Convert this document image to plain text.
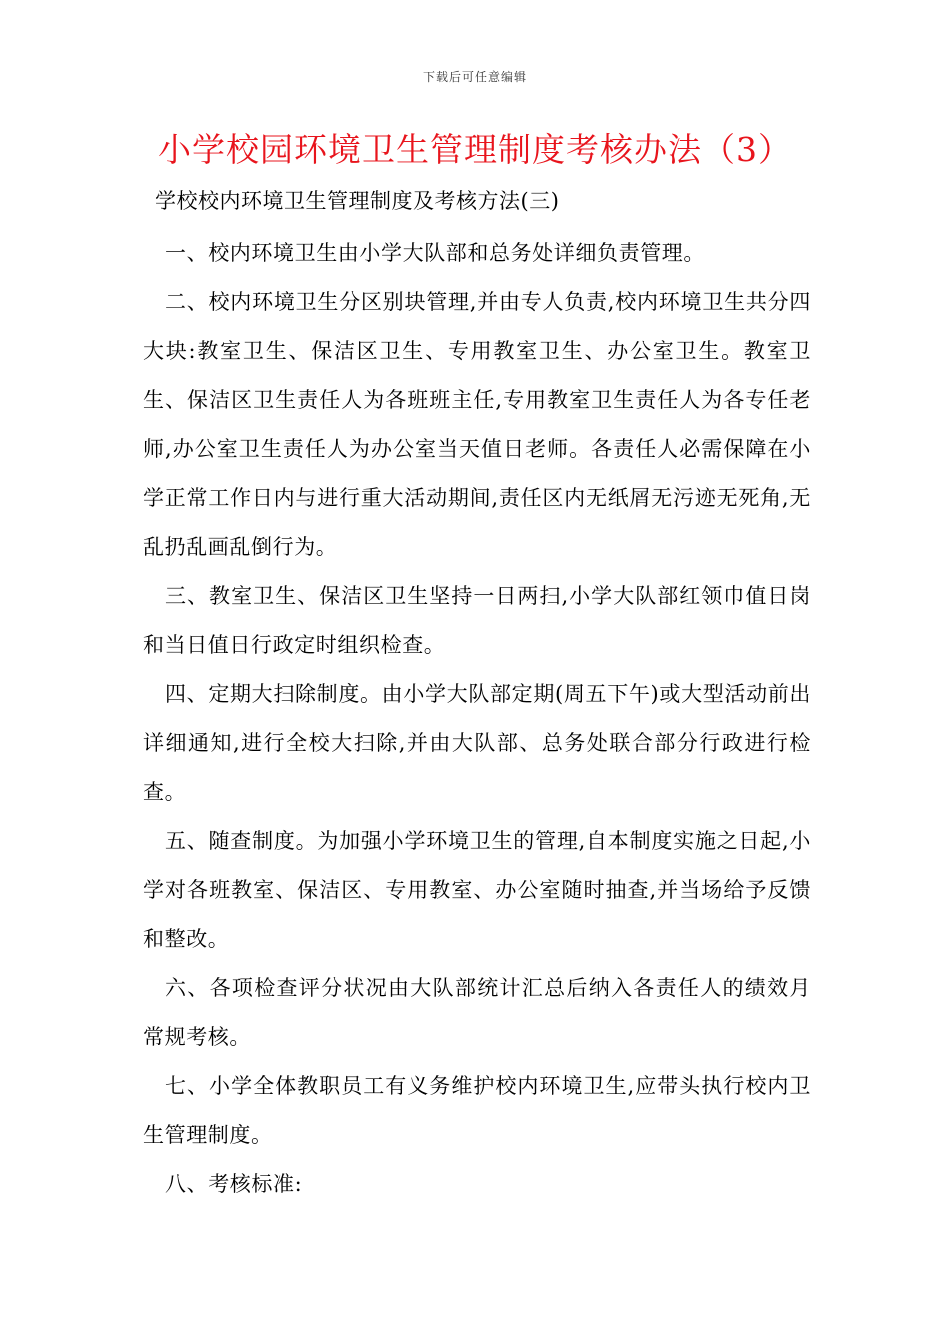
下载后可任意编辑
小学校园环境卫生管理制度考核办法（3）
学校校内环境卫生管理制度及考核方法(三)

一、校内环境卫生由小学大队部和总务处详细负责管理。

二、校内环境卫生分区别块管理,并由专人负责,校内环境卫生共分四大块:教室卫生、保洁区卫生、专用教室卫生、办公室卫生。教室卫生、保洁区卫生责任人为各班班主任,专用教室卫生责任人为各专任老师,办公室卫生责任人为办公室当天值日老师。各责任人必需保障在小学正常工作日内与进行重大活动期间,责任区内无纸屑无污迹无死角,无乱扔乱画乱倒行为。

三、教室卫生、保洁区卫生坚持一日两扫,小学大队部红领巾值日岗和当日值日行政定时组织检查。

四、定期大扫除制度。由小学大队部定期(周五下午)或大型活动前出详细通知,进行全校大扫除,并由大队部、总务处联合部分行政进行检查。

五、随查制度。为加强小学环境卫生的管理,自本制度实施之日起,小学对各班教室、保洁区、专用教室、办公室随时抽查,并当场给予反馈和整改。

六、各项检查评分状况由大队部统计汇总后纳入各责任人的绩效月常规考核。

七、小学全体教职员工有义务维护校内环境卫生,应带头执行校内卫生管理制度。

八、考核标准:
